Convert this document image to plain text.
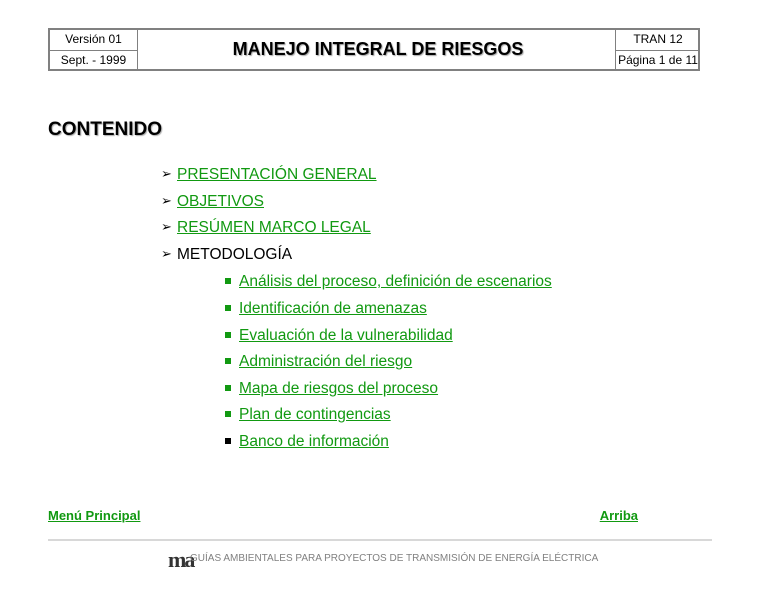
Versión 01
Sept. - 1999
MANEJO INTEGRAL DE RIESGOS	TRAN 12
Página 1 de 11
CONTENIDO
➢ PRESENTACIÓN GENERAL
➢ OBJETIVOS
➢ RESÚMEN MARCO LEGAL
➢ METODOLOGÍA
Análisis del proceso, definición de escenarios
Identificación de amenazas
Evaluación de la vulnerabilidad
Administración del riesgo
Mapa de riesgos del proceso
Plan de contingencias
Banco de información
Menú Principal	Arriba
ma
GUÍAS AMBIENTALES PARA PROYECTOS DE TRANSMISIÓN DE ENERGÍA ELÉCTRICA
